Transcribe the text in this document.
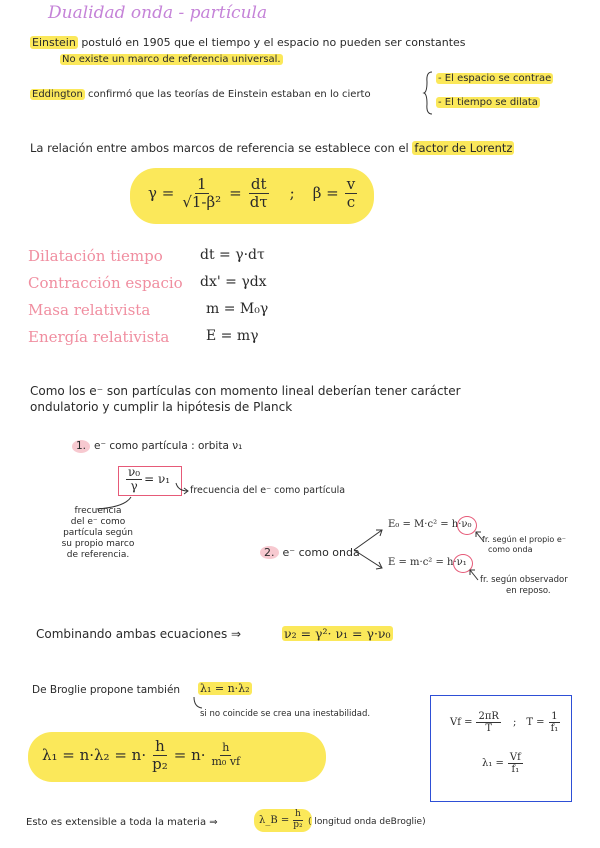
Dualidad onda - partícula
Einstein postuló en 1905 que el tiempo y el espacio no pueden ser constantes
No existe un marco de referencia universal.
Eddington confirmó que las teorías de Einstein estaban en lo cierto
- El espacio se contrae
- El tiempo se dilata
La relación entre ambos marcos de referencia se establece con el factor de Lorentz
$\gamma = \frac{1}{\text{√1-β²}} = \frac{dt}{d\tau}$ ; $\beta = \frac{v}{c}$
Dilatación tiempo	dt = γ·dτ
Contracción espacio dx' = γdx
Masa relativista	m = M₀γ
Energía relativista	E = mγ
Como los e⁻ son partículas con momento lineal deberían tener carácter
ondulatorio y cumplir la hipótesis de Planck
1. e⁻ como partícula : orbita ν₁
$\frac{\text{ν₀}}{\gamma} = \nu_1$
frecuencia del e⁻ como partícula
frecuencia
del e⁻ como
partícula según
su propio marco
de referencia.	2. e⁻ como onda
E₀ = M·c² = h·ν₀
E = m·c² = h·ν₁
fr. según el propio e⁻
como onda
fr. según observador
en reposo.
Combinando ambas ecuaciones ⇒	ν₂ = γ²· ν₁ = γ·ν₀
De Broglie propone también λ₁ = n·λ₂
si no coincide se crea una inestabilidad.
$\lambda_1 = n\cdot\lambda_2 = n\cdot \frac{h}{\text{p₂}} = n\cdot \frac{h}{\text{m₀ vf}}$
$Vf = \frac{2\pi R}{T}$ ; $T = \frac{1}{\text{f₁}}$
$\lambda_1 = \frac{Vf}{\text{f₁}}$
Esto es extensible a toda la materia ⇒	λ_B = $\frac{h}{\text{p₂}}$ ( longitud onda deBroglie)
